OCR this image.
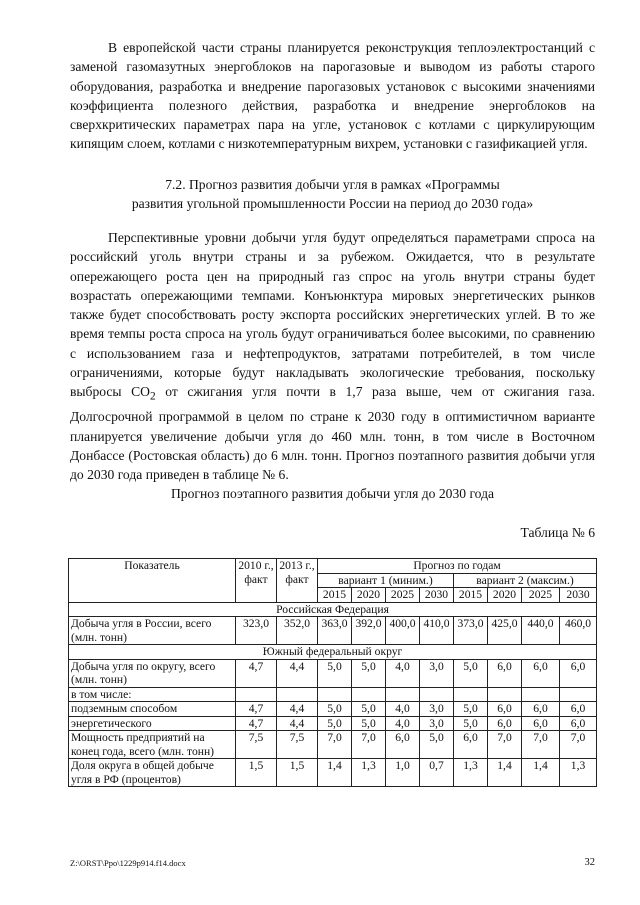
В европейской части страны планируется реконструкция теплоэлектростанций с заменой газомазутных энергоблоков на парогазовые и выводом из работы старого оборудования, разработка и внедрение парогазовых установок с высокими значениями коэффициента полезного действия, разработка и внедрение энергоблоков на сверхкритических параметрах пара на угле, установок с котлами с циркулирующим кипящим слоем, котлами с низкотемпературным вихрем, установки с газификацией угля.

7.2. Прогноз развития добычи угля в рамках «Программы
развития угольной промышленности России на период до 2030 года»

Перспективные уровни добычи угля будут определяться параметрами спроса на российский уголь внутри страны и за рубежом. Ожидается, что в результате опережающего роста цен на природный газ спрос на уголь внутри страны будет возрастать опережающими темпами. Конъюнктура мировых энергетических рынков также будет способствовать росту экспорта российских энергетических углей. В то же время темпы роста спроса на уголь будут ограничиваться более высокими, по сравнению с использованием газа и нефтепродуктов, затратами потребителей, в том числе ограничениями, которые будут накладывать экологические требования, поскольку выбросы $CO_2$ от сжигания угля почти в 1,7 раза выше, чем от сжигания газа. Долгосрочной программой в целом по стране к 2030 году в оптимистичном варианте планируется увеличение добычи угля до 460 млн. тонн, в том числе в Восточном Донбассе (Ростовская область) до 6 млн. тонн. Прогноз поэтапного развития добычи угля до 2030 года приведен в таблице № 6.

Прогноз поэтапного развития добычи угля до 2030 года
Таблица № 6
Показатель	2010 г., факт	2013 г., факт	Прогноз по годам							
			вариант 1 (миним.)				вариант 2 (максим.)			
			2015	2020	2025	2030	2015	2020	2025	2030
Российская Федерация										
Добыча угля в России, всего (млн. тонн)	323,0	352,0	363,0	392,0	400,0	410,0	373,0	425,0	440,0	460,0
Южный федеральный округ										
Добыча угля по округу, всего (млн. тонн)	4,7	4,4	5,0	5,0	4,0	3,0	5,0	6,0	6,0	6,0
в том числе:										
подземным способом	4,7	4,4	5,0	5,0	4,0	3,0	5,0	6,0	6,0	6,0
энергетического	4,7	4,4	5,0	5,0	4,0	3,0	5,0	6,0	6,0	6,0
Мощность предприятий на конец года, всего (млн. тонн)	7,5	7,5	7,0	7,0	6,0	5,0	6,0	7,0	7,0	7,0
Доля округа в общей добыче угля в РФ (процентов)	1,5	1,5	1,4	1,3	1,0	0,7	1,3	1,4	1,4	1,3
Z:\ORST\Ppo\1229p914.f14.docx	32
